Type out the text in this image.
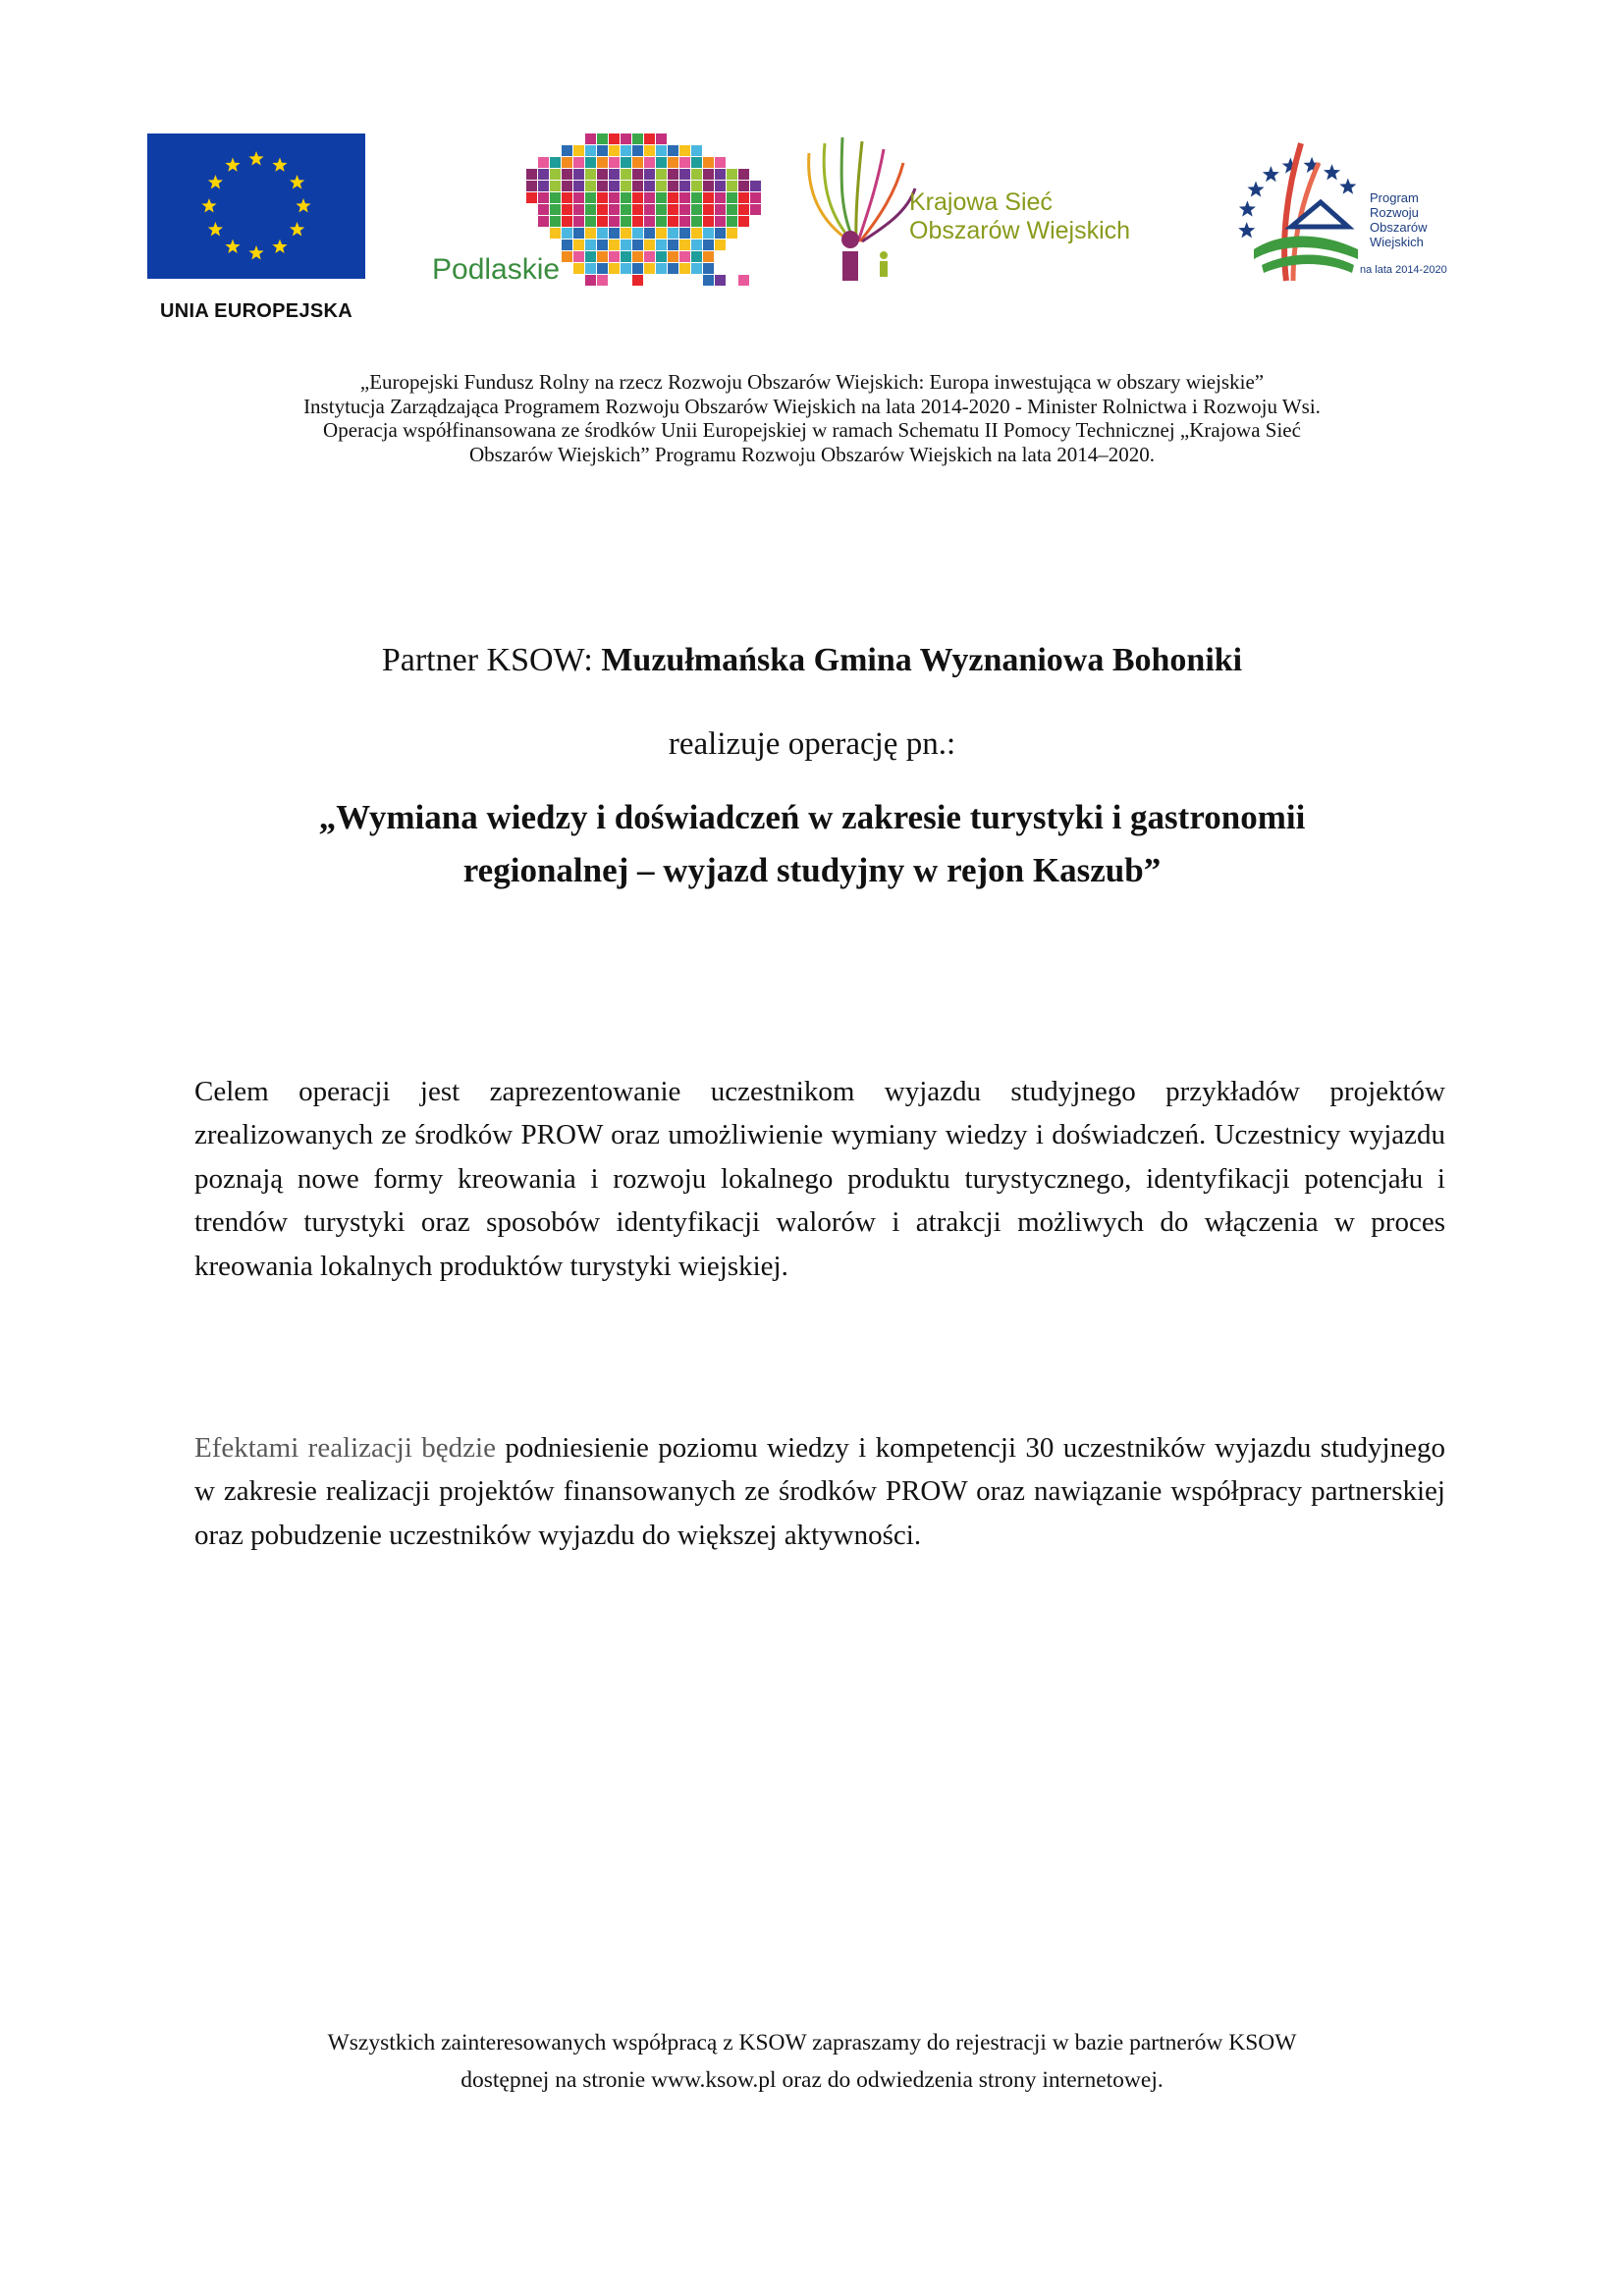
UNIA EUROPEJSKA
Podlaskie
Krajowa Sieć
Obszarów Wiejskich
Program
Rozwoju
Obszarów
Wiejskich
na lata 2014-2020
„Europejski Fundusz Rolny na rzecz Rozwoju Obszarów Wiejskich: Europa inwestująca w obszary wiejskie”
Instytucja Zarządzająca Programem Rozwoju Obszarów Wiejskich na lata 2014-2020 - Minister Rolnictwa i Rozwoju Wsi.
Operacja współfinansowana ze środków Unii Europejskiej w ramach Schematu II Pomocy Technicznej „Krajowa Sieć
Obszarów Wiejskich” Programu Rozwoju Obszarów Wiejskich na lata 2014–2020.
Partner KSOW: Muzułmańska Gmina Wyznaniowa Bohoniki
realizuje operację pn.:
„Wymiana wiedzy i doświadczeń w zakresie turystyki i gastronomii
regionalnej – wyjazd studyjny w rejon Kaszub”
Celem operacji jest zaprezentowanie uczestnikom wyjazdu studyjnego przykładów projektów zrealizowanych ze środków PROW oraz umożliwienie wymiany wiedzy i doświadczeń. Uczestnicy wyjazdu poznają nowe formy kreowania i rozwoju lokalnego produktu turystycznego, identyfikacji potencjału i trendów turystyki oraz sposobów identyfikacji walorów i atrakcji możliwych do włączenia w proces kreowania lokalnych produktów turystyki wiejskiej.
Efektami realizacji będzie podniesienie poziomu wiedzy i kompetencji 30 uczestników wyjazdu studyjnego w zakresie realizacji projektów finansowanych ze środków PROW oraz nawiązanie współpracy partnerskiej oraz pobudzenie uczestników wyjazdu do większej aktywności.
Wszystkich zainteresowanych współpracą z KSOW zapraszamy do rejestracji w bazie partnerów KSOW
dostępnej na stronie www.ksow.pl oraz do odwiedzenia strony internetowej.
